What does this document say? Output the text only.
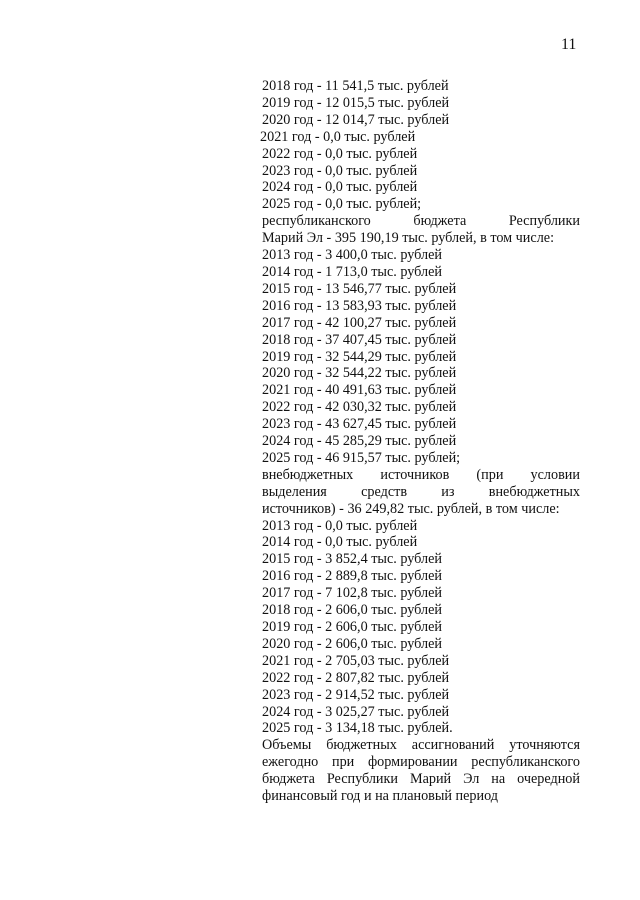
11
2018 год - 11 541,5 тыс. рублей
2019 год - 12 015,5 тыс. рублей
2020 год - 12 014,7 тыс. рублей
2021 год - 0,0 тыс. рублей
2022 год - 0,0 тыс. рублей
2023 год - 0,0 тыс. рублей
2024 год - 0,0 тыс. рублей
2025 год - 0,0 тыс. рублей;
республиканского бюджета Республики
Марий Эл - 395 190,19 тыс. рублей, в том числе:
2013 год - 3 400,0 тыс. рублей
2014 год - 1 713,0 тыс. рублей
2015 год - 13 546,77 тыс. рублей
2016 год - 13 583,93 тыс. рублей
2017 год - 42 100,27 тыс. рублей
2018 год - 37 407,45 тыс. рублей
2019 год - 32 544,29 тыс. рублей
2020 год - 32 544,22 тыс. рублей
2021 год - 40 491,63 тыс. рублей
2022 год - 42 030,32 тыс. рублей
2023 год - 43 627,45 тыс. рублей
2024 год - 45 285,29 тыс. рублей
2025 год - 46 915,57 тыс. рублей;
внебюджетных источников (при условии
выделения средств из внебюджетных
источников) - 36 249,82 тыс. рублей, в том числе:
2013 год - 0,0 тыс. рублей
2014 год - 0,0 тыс. рублей
2015 год - 3 852,4 тыс. рублей
2016 год - 2 889,8 тыс. рублей
2017 год - 7 102,8 тыс. рублей
2018 год - 2 606,0 тыс. рублей
2019 год - 2 606,0 тыс. рублей
2020 год - 2 606,0 тыс. рублей
2021 год - 2 705,03 тыс. рублей
2022 год - 2 807,82 тыс. рублей
2023 год - 2 914,52 тыс. рублей
2024 год - 3 025,27 тыс. рублей
2025 год - 3 134,18 тыс. рублей.
Объемы бюджетных ассигнований уточняются ежегодно при формировании республиканского бюджета Республики Марий Эл на очередной финансовый год и на плановый период
